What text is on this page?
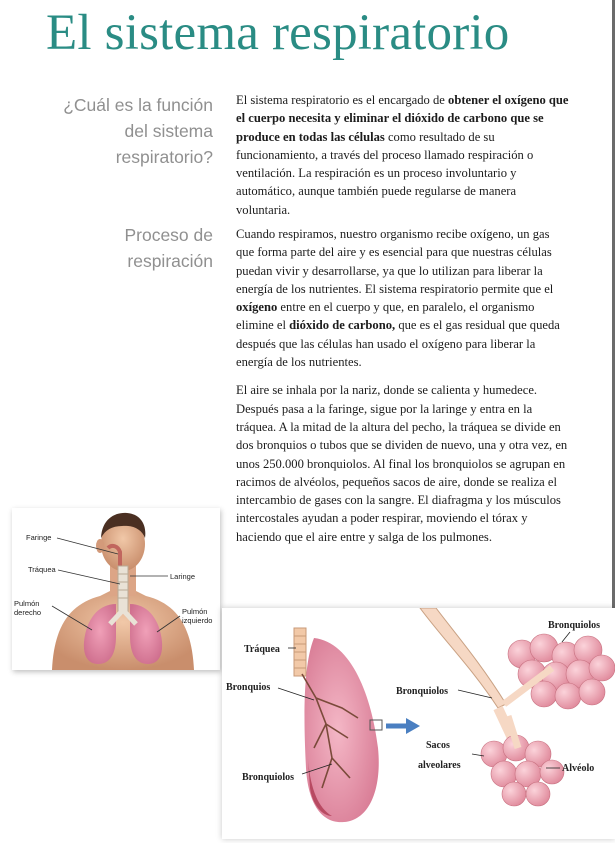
El sistema respiratorio
¿Cuál es la función
del sistema
respiratorio?

El sistema respiratorio es el encargado de obtener el oxígeno que el cuerpo necesita y eliminar el dióxido de carbono que se produce en todas las células como resultado de su funcionamiento, a través del proceso llamado respiración o ventilación. La respiración es un proceso involuntario y automático, aunque también puede regularse de manera voluntaria.

Proceso de
respiración

Cuando respiramos, nuestro organismo recibe oxígeno, un gas que forma parte del aire y es esencial para que nuestras células puedan vivir y desarrollarse, ya que lo utilizan para liberar la energía de los nutrientes. El sistema respiratorio permite que el oxígeno entre en el cuerpo y que, en paralelo, el organismo elimine el dióxido de carbono, que es el gas residual que queda después que las células han usado el oxígeno para liberar la energía de los nutrientes.

El aire se inhala por la nariz, donde se calienta y humedece. Después pasa a la faringe, sigue por la laringe y entra en la tráquea. A la mitad de la altura del pecho, la tráquea se divide en dos bronquios o tubos que se dividen de nuevo, una y otra vez, en unos 250.000 bronquiolos. Al final los bronquiolos se agrupan en racimos de alvéolos, pequeños sacos de aire, donde se realiza el intercambio de gases con la sangre. El diafragma y los músculos intercostales ayudan a poder respirar, moviendo el tórax y haciendo que el aire entre y salga de los pulmones.

Faringe
Tráquea
Laringe
Pulmón
derecho	Pulmón
izquierdo
Tráquea
Bronquios
Bronquiolos
Bronquiolos
Bronquiolos
Sacos
alveolares	Alvéolo
